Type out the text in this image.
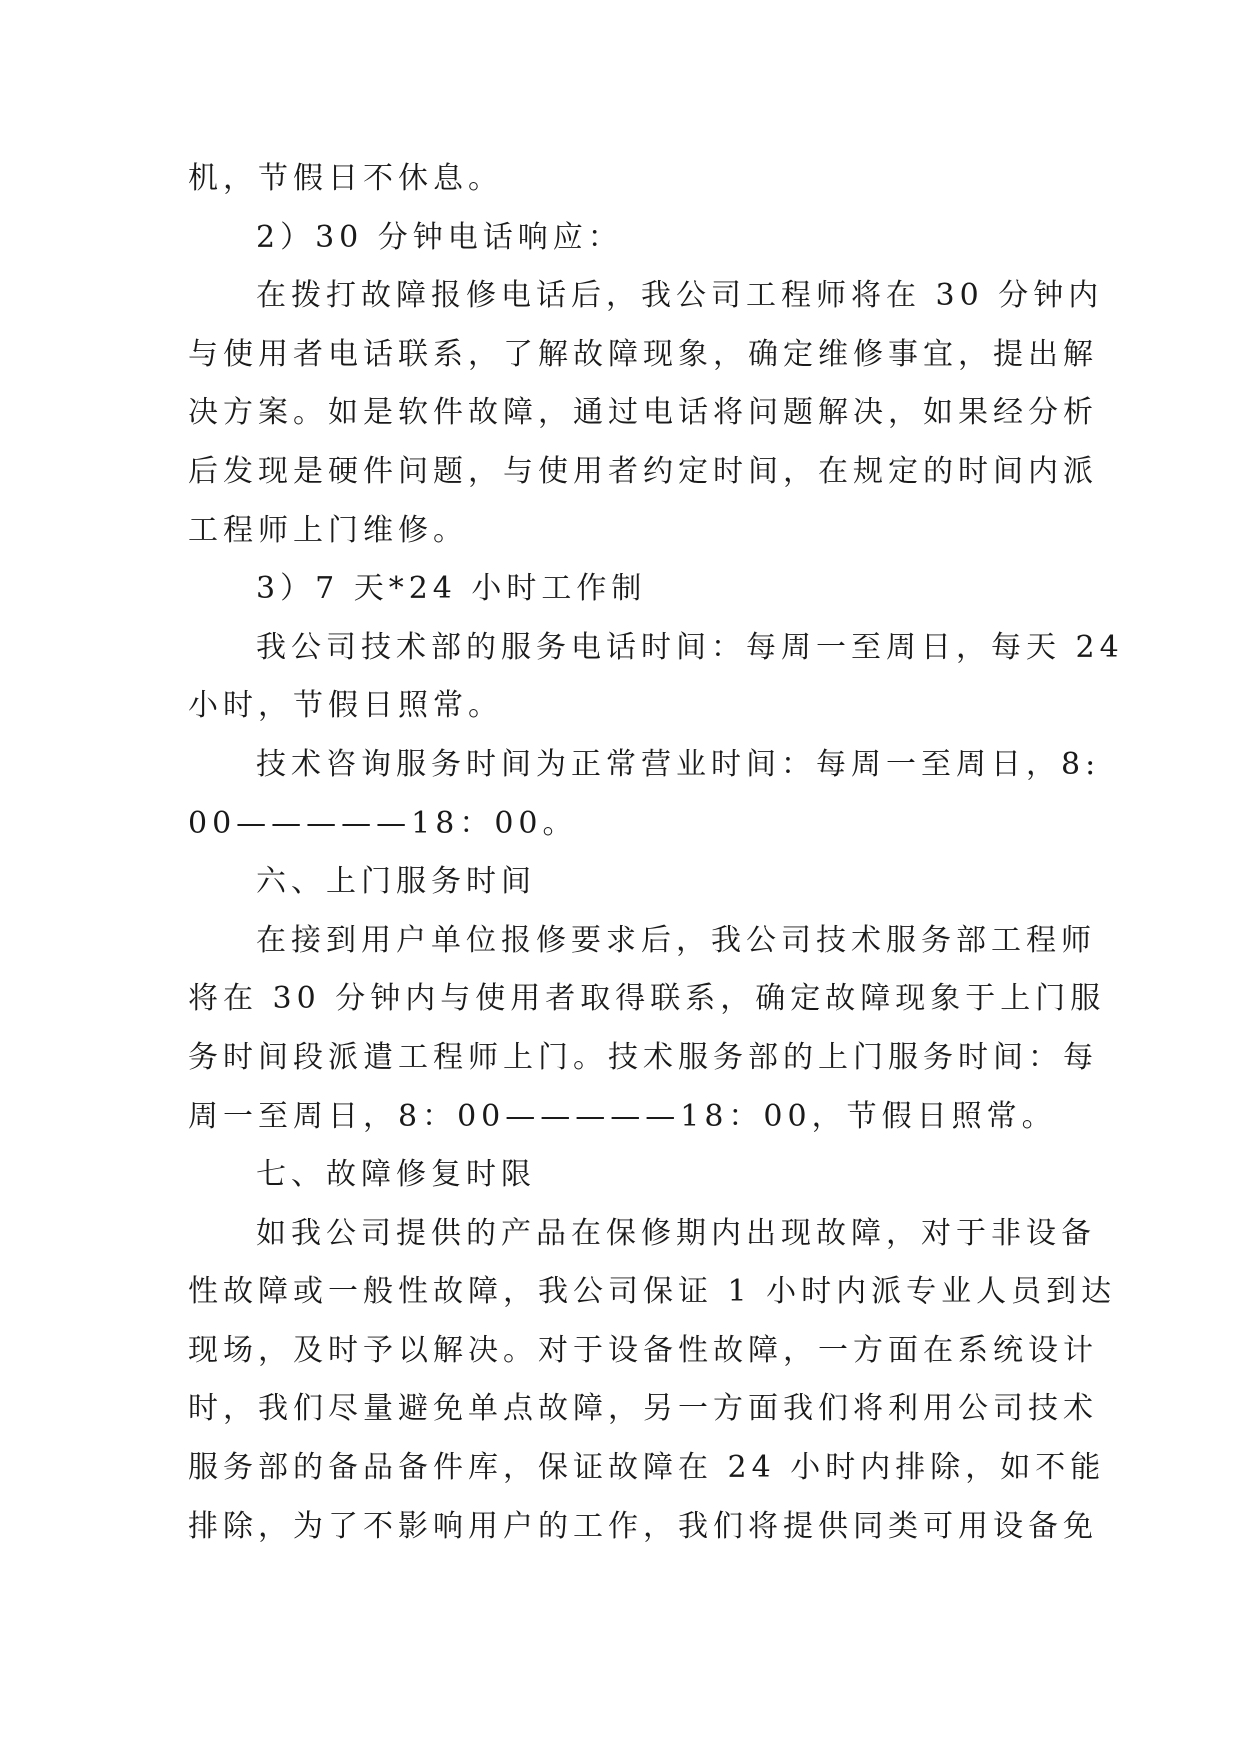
机，节假日不休息。
2）30 分钟电话响应：
在拨打故障报修电话后，我公司工程师将在 30 分钟内
与使用者电话联系，了解故障现象，确定维修事宜，提出解
决方案。如是软件故障，通过电话将问题解决，如果经分析
后发现是硬件问题，与使用者约定时间，在规定的时间内派
工程师上门维修。
3）7 天*24 小时工作制
我公司技术部的服务电话时间：每周一至周日，每天 24
小时，节假日照常。
技术咨询服务时间为正常营业时间：每周一至周日，8:
00—————18：00。
六、上门服务时间
在接到用户单位报修要求后，我公司技术服务部工程师
将在 30 分钟内与使用者取得联系，确定故障现象于上门服
务时间段派遣工程师上门。技术服务部的上门服务时间：每
周一至周日，8：00—————18：00，节假日照常。
七、故障修复时限
如我公司提供的产品在保修期内出现故障，对于非设备
性故障或一般性故障，我公司保证 1 小时内派专业人员到达
现场，及时予以解决。对于设备性故障，一方面在系统设计
时，我们尽量避免单点故障，另一方面我们将利用公司技术
服务部的备品备件库，保证故障在 24 小时内排除，如不能
排除，为了不影响用户的工作，我们将提供同类可用设备免
